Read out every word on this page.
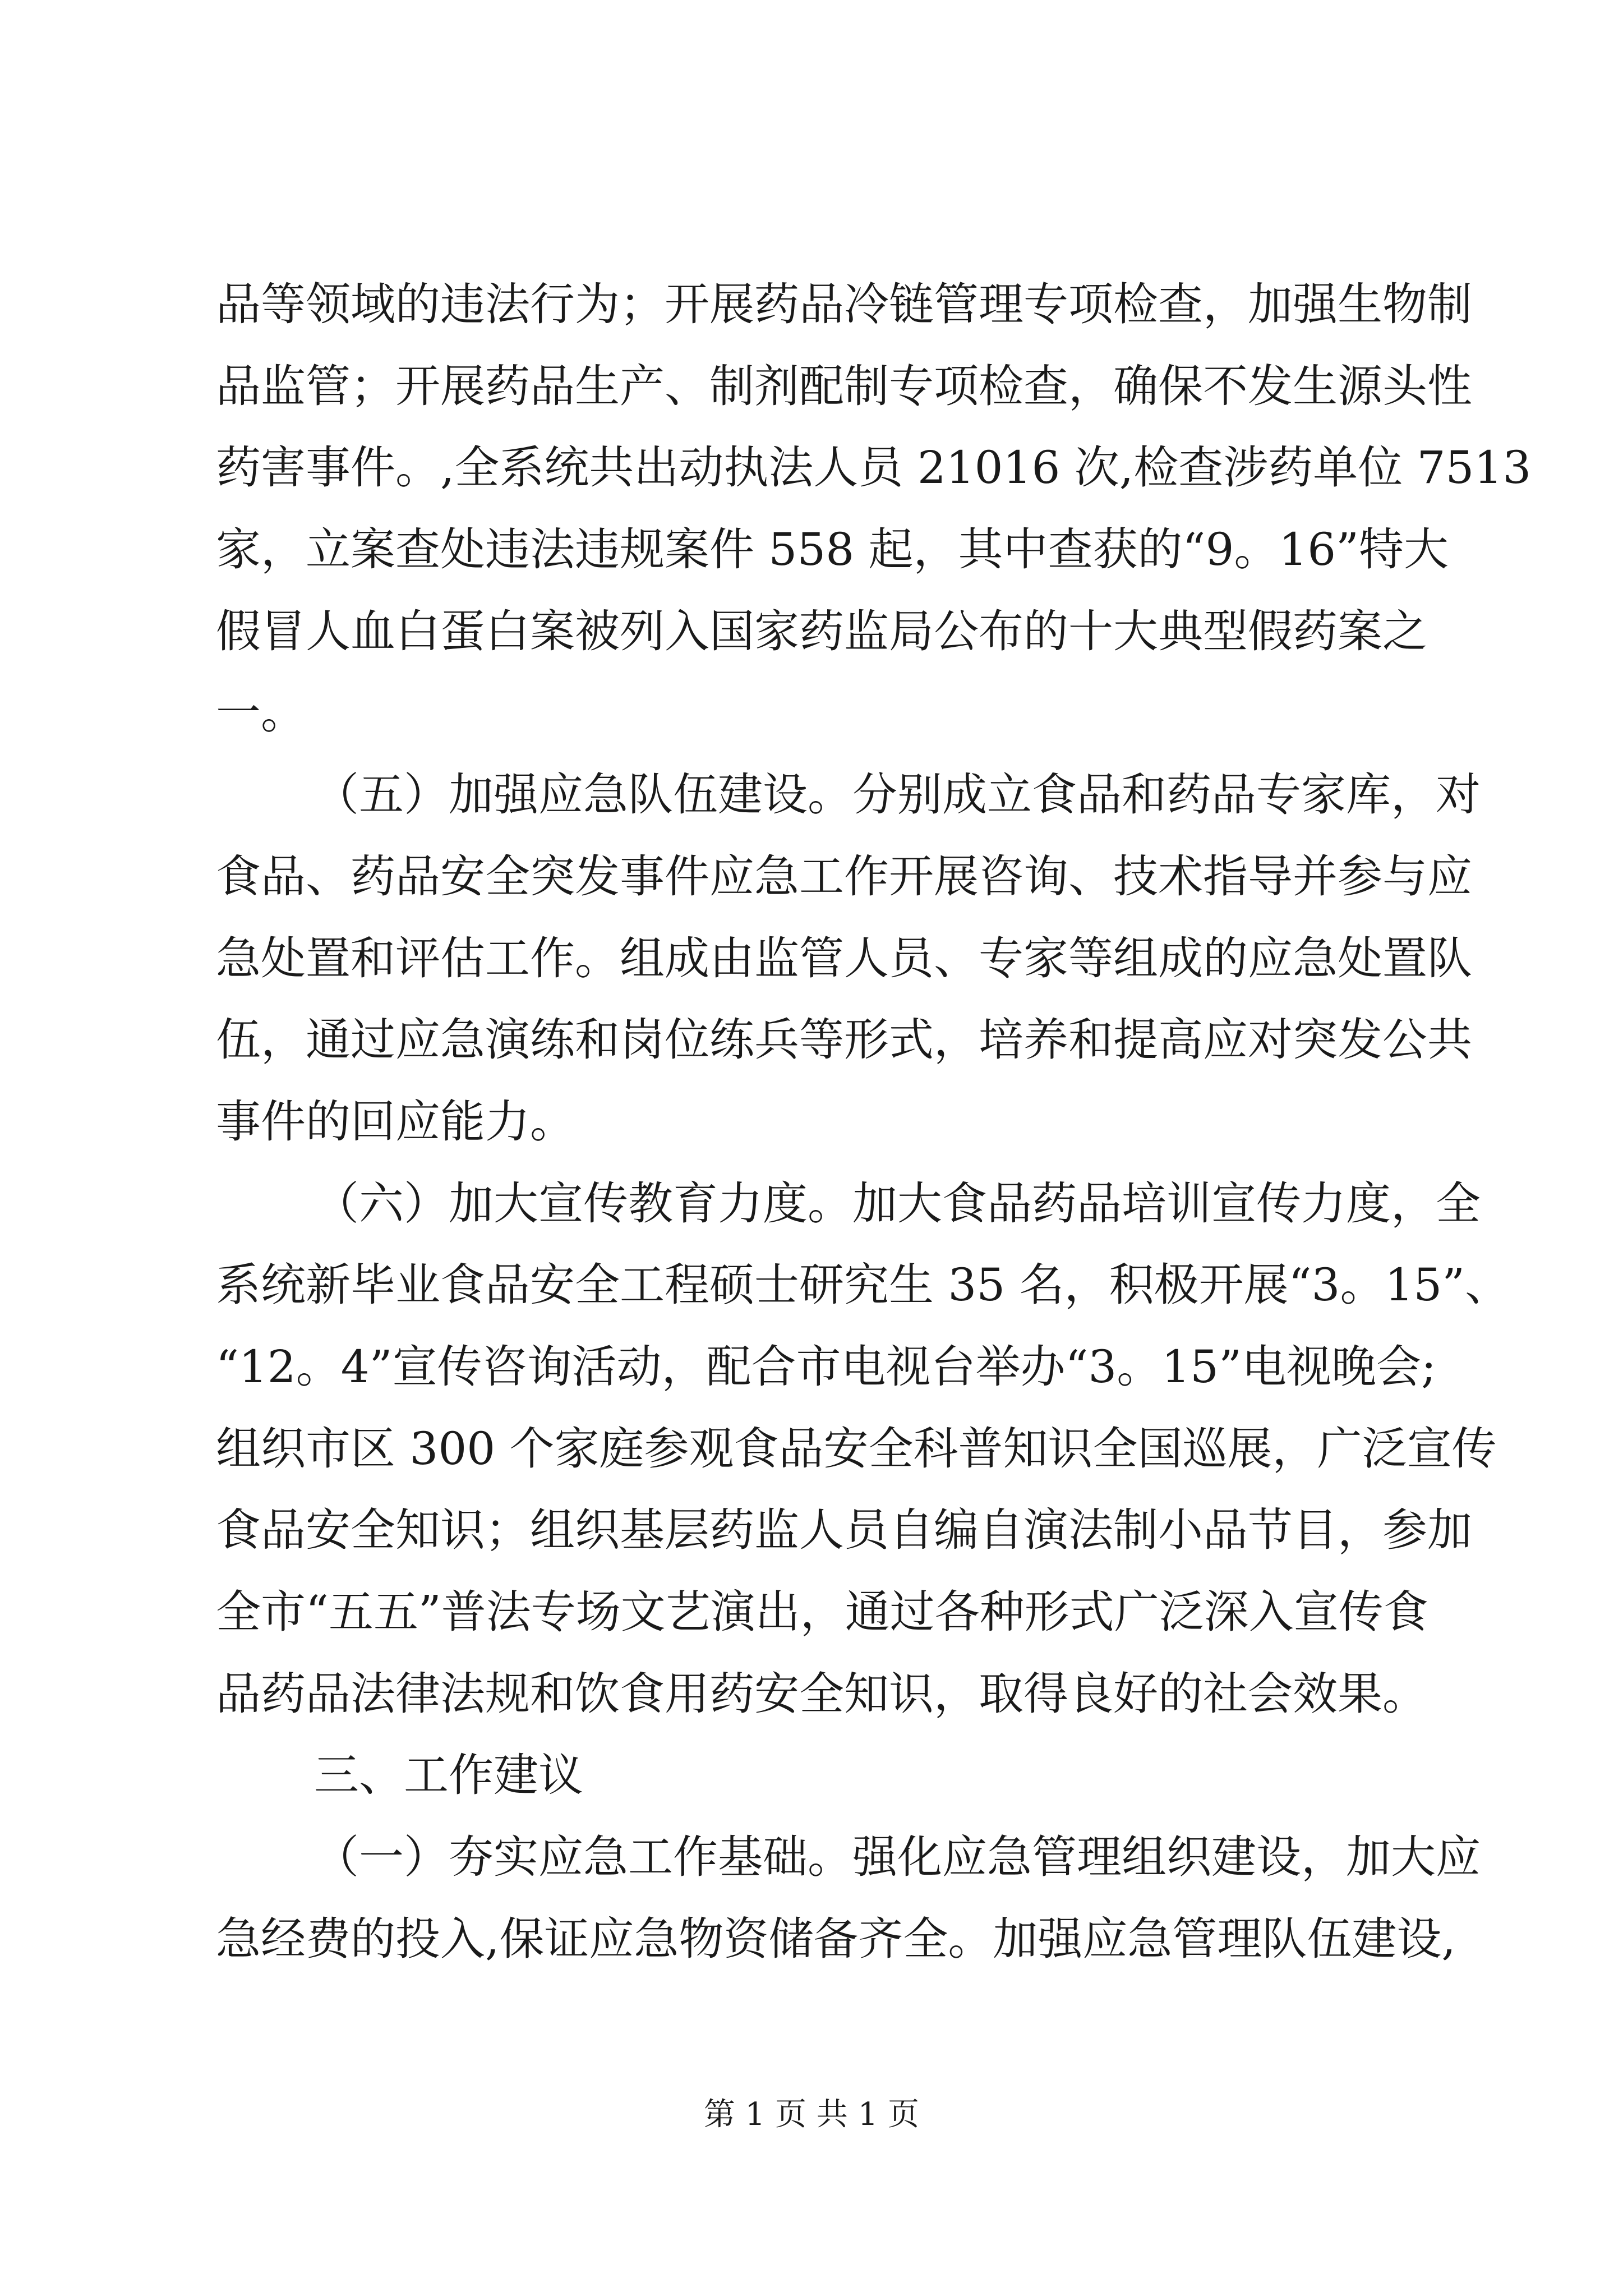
品等领域的违法行为；开展药品冷链管理专项检查，加强生物制
品监管；开展药品生产、制剂配制专项检查，确保不发生源头性
药害事件。,全系统共出动执法人员 21016 次,检查涉药单位 7513
家，立案查处违法违规案件 558 起，其中查获的“9。16”特大
假冒人血白蛋白案被列入国家药监局公布的十大典型假药案之
一。
（五）加强应急队伍建设。分别成立食品和药品专家库，对
食品、药品安全突发事件应急工作开展咨询、技术指导并参与应
急处置和评估工作。组成由监管人员、专家等组成的应急处置队
伍，通过应急演练和岗位练兵等形式，培养和提高应对突发公共
事件的回应能力。
（六）加大宣传教育力度。加大食品药品培训宣传力度，全
系统新毕业食品安全工程硕士研究生 35 名，积极开展“3。15”、
“12。4”宣传咨询活动，配合市电视台举办“3。15”电视晚会;
组织市区 300 个家庭参观食品安全科普知识全国巡展，广泛宣传
食品安全知识；组织基层药监人员自编自演法制小品节目，参加
全市“五五”普法专场文艺演出，通过各种形式广泛深入宣传食
品药品法律法规和饮食用药安全知识，取得良好的社会效果。
三、工作建议
（一）夯实应急工作基础。强化应急管理组织建设，加大应
急经费的投入,保证应急物资储备齐全。加强应急管理队伍建设,
第 1 页 共 1 页
